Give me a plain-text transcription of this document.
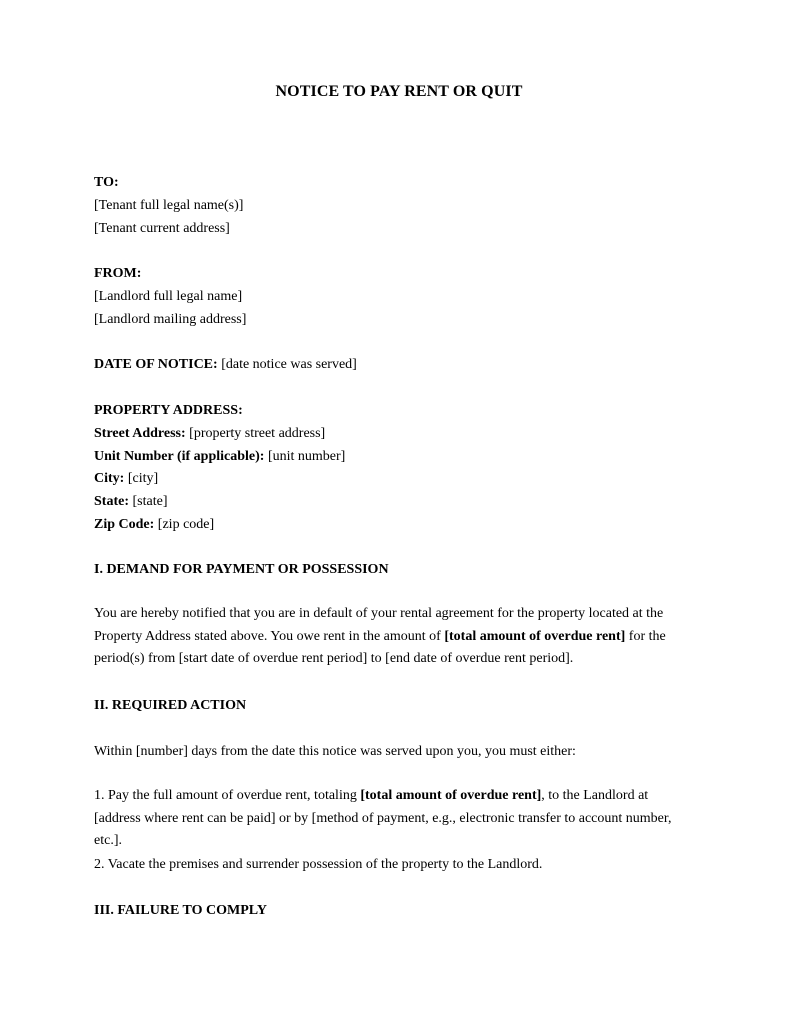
NOTICE TO PAY RENT OR QUIT
TO:
[Tenant full legal name(s)]
[Tenant current address]
FROM:
[Landlord full legal name]
[Landlord mailing address]
DATE OF NOTICE: [date notice was served]
PROPERTY ADDRESS:
Street Address: [property street address]
Unit Number (if applicable): [unit number]
City: [city]
State: [state]
Zip Code: [zip code]
I. DEMAND FOR PAYMENT OR POSSESSION
You are hereby notified that you are in default of your rental agreement for the property located at the Property Address stated above. You owe rent in the amount of [total amount of overdue rent] for the period(s) from [start date of overdue rent period] to [end date of overdue rent period].
II. REQUIRED ACTION
Within [number] days from the date this notice was served upon you, you must either:
1. Pay the full amount of overdue rent, totaling [total amount of overdue rent], to the Landlord at [address where rent can be paid] or by [method of payment, e.g., electronic transfer to account number, etc.].
2. Vacate the premises and surrender possession of the property to the Landlord.
III. FAILURE TO COMPLY
